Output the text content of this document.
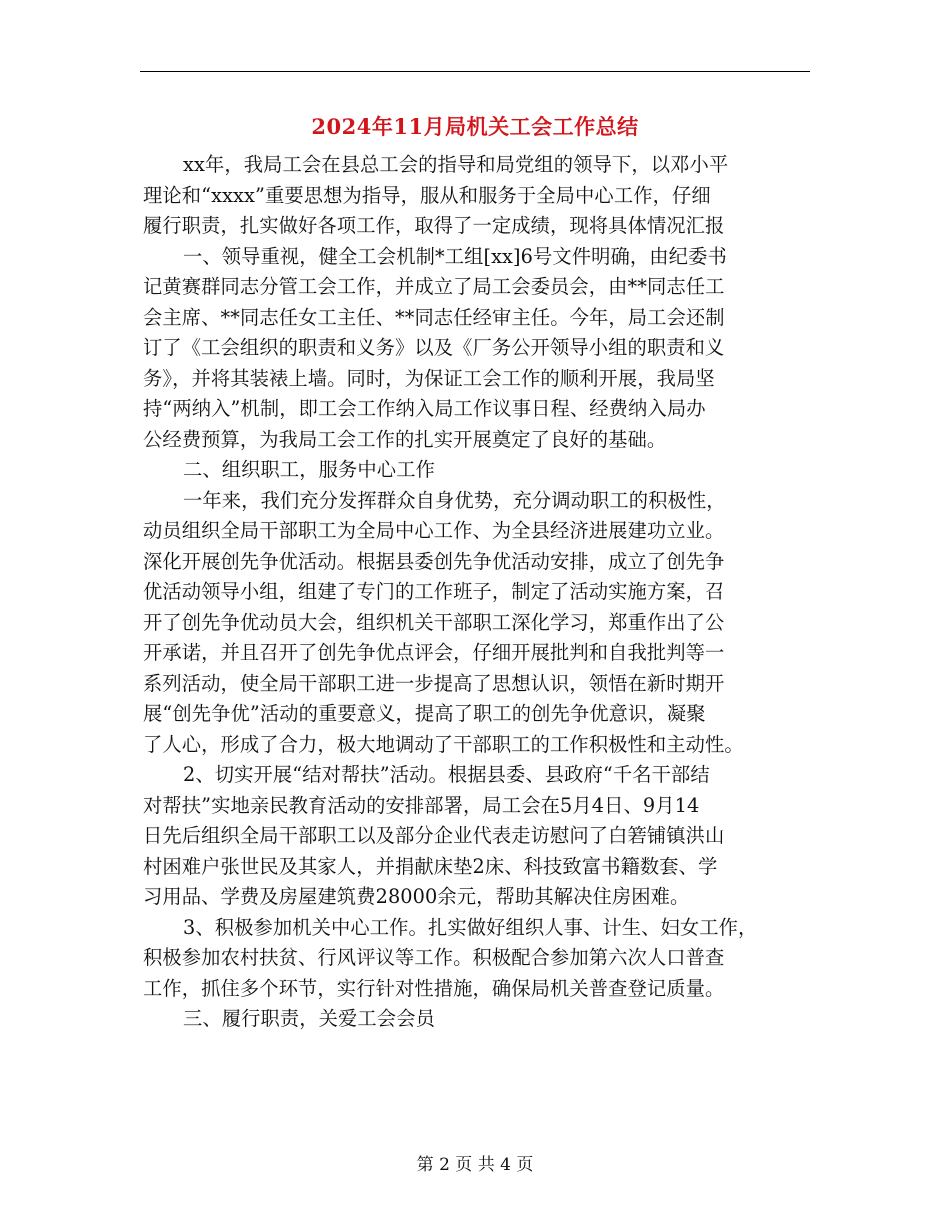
2024年11月局机关工会工作总结
xx年，我局工会在县总工会的指导和局党组的领导下，以邓小平
理论和“xxxx”重要思想为指导，服从和服务于全局中心工作，仔细
履行职责，扎实做好各项工作，取得了一定成绩，现将具体情况汇报
一、领导重视，健全工会机制*工组[xx]6号文件明确，由纪委书
记黄赛群同志分管工会工作，并成立了局工会委员会，由**同志任工
会主席、**同志任女工主任、**同志任经审主任。今年，局工会还制
订了《工会组织的职责和义务》以及《厂务公开领导小组的职责和义
务》，并将其装裱上墙。同时，为保证工会工作的顺利开展，我局坚
持“两纳入”机制，即工会工作纳入局工作议事日程、经费纳入局办
公经费预算，为我局工会工作的扎实开展奠定了良好的基础。
二、组织职工，服务中心工作
一年来，我们充分发挥群众自身优势，充分调动职工的积极性，
动员组织全局干部职工为全局中心工作、为全县经济进展建功立业。
深化开展创先争优活动。根据县委创先争优活动安排，成立了创先争
优活动领导小组，组建了专门的工作班子，制定了活动实施方案，召
开了创先争优动员大会，组织机关干部职工深化学习，郑重作出了公
开承诺，并且召开了创先争优点评会，仔细开展批判和自我批判等一
系列活动，使全局干部职工进一步提高了思想认识，领悟在新时期开
展“创先争优”活动的重要意义，提高了职工的创先争优意识，凝聚
了人心，形成了合力，极大地调动了干部职工的工作积极性和主动性。
2、切实开展“结对帮扶”活动。根据县委、县政府“千名干部结
对帮扶”实地亲民教育活动的安排部署，局工会在5月4日、9月14
日先后组织全局干部职工以及部分企业代表走访慰问了白箬铺镇洪山
村困难户张世民及其家人，并捐献床垫2床、科技致富书籍数套、学
习用品、学费及房屋建筑费28000余元，帮助其解决住房困难。
3、积极参加机关中心工作。扎实做好组织人事、计生、妇女工作，
积极参加农村扶贫、行风评议等工作。积极配合参加第六次人口普查
工作，抓住多个环节，实行针对性措施，确保局机关普查登记质量。
三、履行职责，关爱工会会员
第 2 页 共 4 页
